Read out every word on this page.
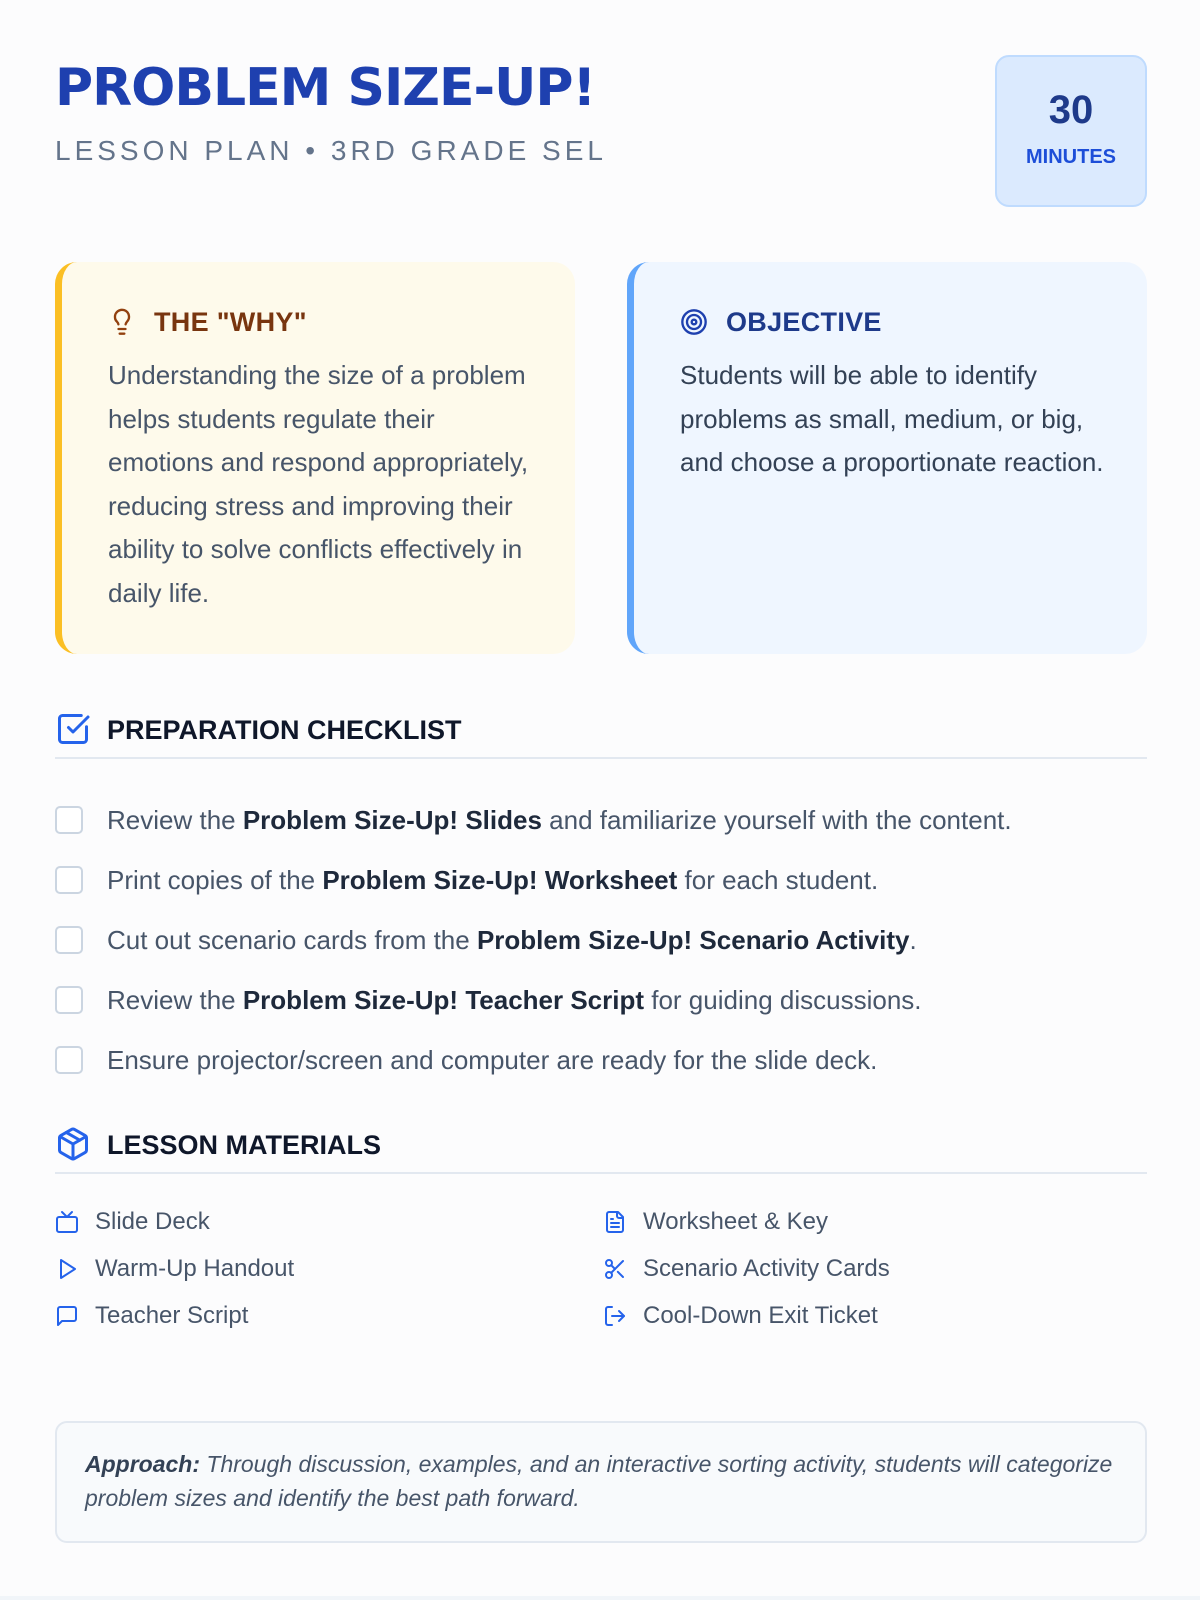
PROBLEM SIZE-UP!
LESSON PLAN • 3RD GRADE SEL
30
MINUTES
THE "WHY"

Understanding the size of a problem helps students regulate their emotions and respond appropriately, reducing stress and improving their ability to solve conflicts effectively in daily life.

OBJECTIVE

Students will be able to identify problems as small, medium, or big, and choose a proportionate reaction.

PREPARATION CHECKLIST
Review the Problem Size-Up! Slides and familiarize yourself with the content.
Print copies of the Problem Size-Up! Worksheet for each student.
Cut out scenario cards from the Problem Size-Up! Scenario Activity.
Review the Problem Size-Up! Teacher Script for guiding discussions.
Ensure projector/screen and computer are ready for the slide deck.
LESSON MATERIALS
Slide Deck
Warm-Up Handout
Teacher Script
Worksheet & Key
Scenario Activity Cards
Cool-Down Exit Ticket
Approach: Through discussion, examples, and an interactive sorting activity, students will categorize problem sizes and identify the best path forward.
